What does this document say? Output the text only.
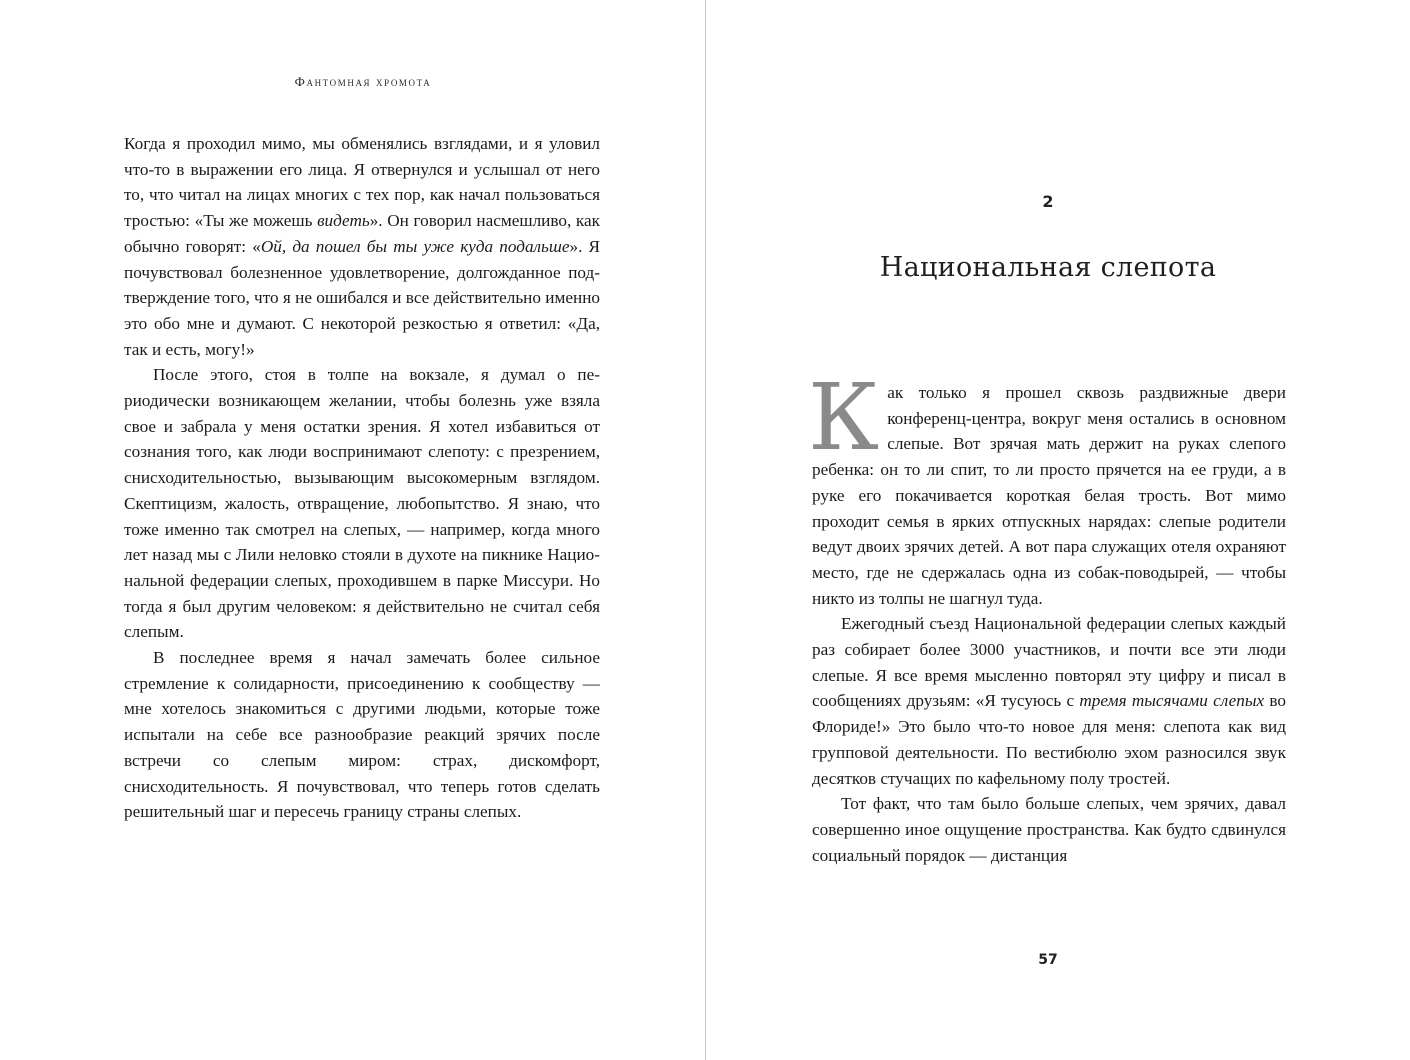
Фантомная хромота

Когда я проходил мимо, мы обменялись взглядами, и я уловил что-то в выражении его лица. Я отвернулся и услышал от него то, что читал на лицах многих с тех пор, как начал пользоваться тростью: «Ты же можешь видеть». Он говорил насмешливо, как обычно говорят: «Ой, да пошел бы ты уже куда подальше». Я почувствовал болезненное удовлетворение, долгожданное подтверждение того, что я не ошибался и все действительно именно это обо мне и думают. С некоторой резкостью я ответил: «Да, так и есть, могу!»

После этого, стоя в толпе на вокзале, я думал о периодически возникающем желании, чтобы болезнь уже взяла свое и забрала у меня остатки зрения. Я хотел избавиться от сознания того, как люди воспринимают слепоту: с презрением, снисходительностью, вызывающим высокомерным взглядом. Скептицизм, жалость, отвращение, любопытство. Я знаю, что тоже именно так смотрел на слепых, — например, когда много лет назад мы с Лили неловко стояли в духоте на пикнике Национальной федерации слепых, проходившем в парке Миссури. Но тогда я был другим человеком: я действительно не считал себя слепым.

В последнее время я начал замечать более сильное стремление к солидарности, присоединению к сообществу — мне хотелось знакомиться с другими людьми, которые тоже испытали на себе все разнообразие реакций зрячих после встречи со слепым миром: страх, дискомфорт, снисходительность. Я почувствовал, что теперь готов сделать решительный шаг и пересечь границу страны слепых.

2
Национальная слепота

Как только я прошел сквозь раздвижные двери конференц-центра, вокруг меня остались в основном слепые. Вот зрячая мать держит на руках слепого ребенка: он то ли спит, то ли просто прячется на ее груди, а в руке его покачивается короткая белая трость. Вот мимо проходит семья в ярких отпускных нарядах: слепые родители ведут двоих зрячих детей. А вот пара служащих отеля охраняют место, где не сдержалась одна из собак-поводырей, — чтобы никто из толпы не шагнул туда.

Ежегодный съезд Национальной федерации слепых каждый раз собирает более 3000 участников, и почти все эти люди слепые. Я все время мысленно повторял эту цифру и писал в сообщениях друзьям: «Я тусуюсь с тремя тысячами слепых во Флориде!» Это было что-то новое для меня: слепота как вид групповой деятельности. По вестибюлю эхом разносился звук десятков стучащих по кафельному полу тростей.

Тот факт, что там было больше слепых, чем зрячих, давал совершенно иное ощущение пространства. Как будто сдвинулся социальный порядок — дистанция

57
